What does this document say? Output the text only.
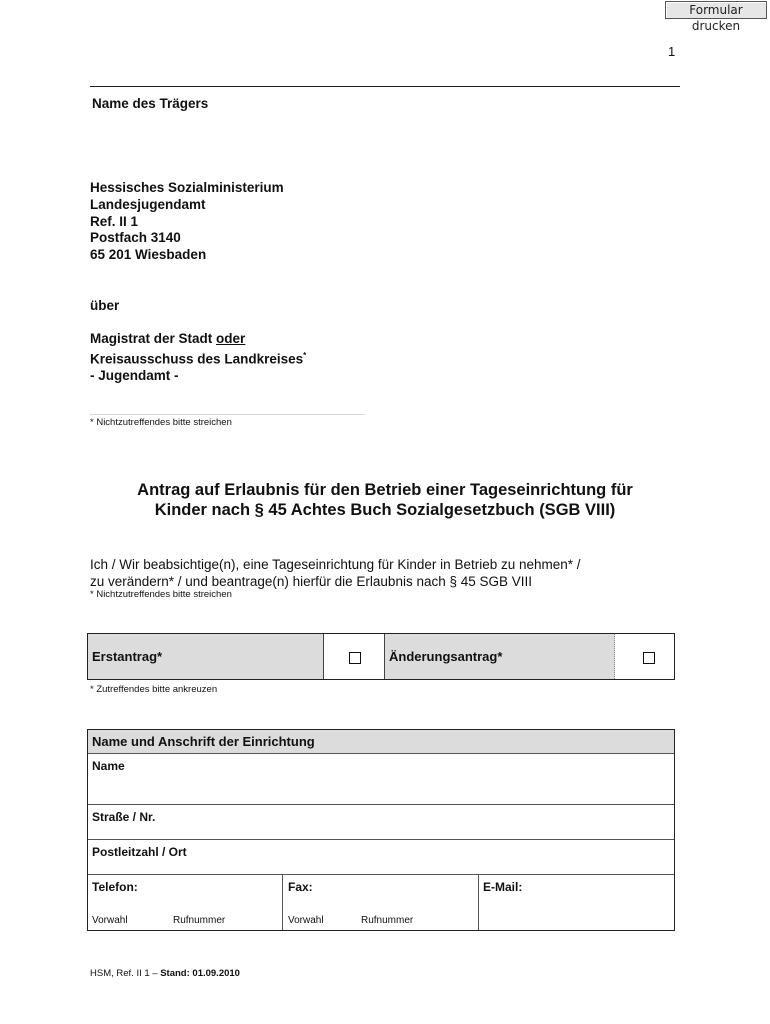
Formular drucken
1
Name des Trägers
Hessisches Sozialministerium
Landesjugendamt
Ref. II 1
Postfach 3140
65 201 Wiesbaden
über
Magistrat der Stadt oder
Kreisausschuss des Landkreises*
- Jugendamt -
* Nichtzutreffendes bitte streichen
Antrag auf Erlaubnis für den Betrieb einer Tageseinrichtung für
Kinder nach § 45 Achtes Buch Sozialgesetzbuch (SGB VIII)
Ich / Wir beabsichtige(n), eine Tageseinrichtung für Kinder in Betrieb zu nehmen* /
zu verändern* / und beantrage(n) hierfür die Erlaubnis nach § 45 SGB VIII
* Nichtzutreffendes bitte streichen
Erstantrag*	Änderungsantrag*
* Zutreffendes bitte ankreuzen
Name und Anschrift der Einrichtung
Name
Straße / Nr.
Postleitzahl / Ort
Telefon:
Vorwahl	Rufnummer
Fax:
Vorwahl	Rufnummer
E-Mail:
HSM, Ref. II 1 – Stand: 01.09.2010
